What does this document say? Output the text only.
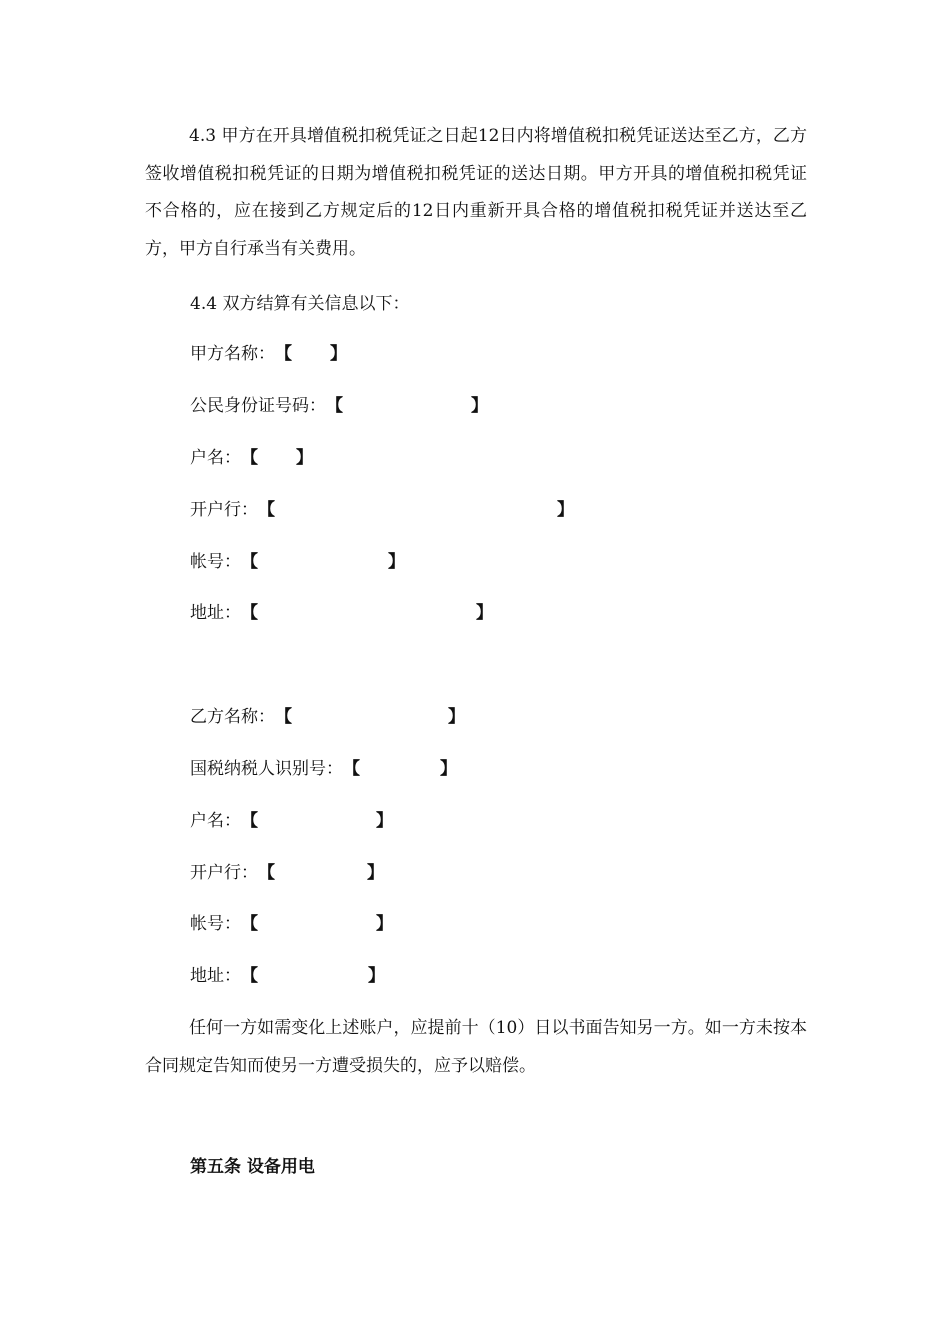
4.3 甲方在开具增值税扣税凭证之日起12日内将增值税扣税凭证送达至乙方，乙方签收增值税扣税凭证的日期为增值税扣税凭证的送达日期。甲方开具的增值税扣税凭证不合格的，应在接到乙方规定后的12日内重新开具合格的增值税扣税凭证并送达至乙方，甲方自行承当有关费用。

4.4 双方结算有关信息以下：

甲方名称：【 】
公民身份证号码：【	】
户名：【 】
开户行：【	】
帐号：【	】
地址：【	】
乙方名称：【	】
国税纳税人识别号：【	】
户名：【	】
开户行：【	】
帐号：【	】
地址：【	】

任何一方如需变化上述账户，应提前十（10）日以书面告知另一方。如一方未按本合同规定告知而使另一方遭受损失的，应予以赔偿。

第五条 设备用电
